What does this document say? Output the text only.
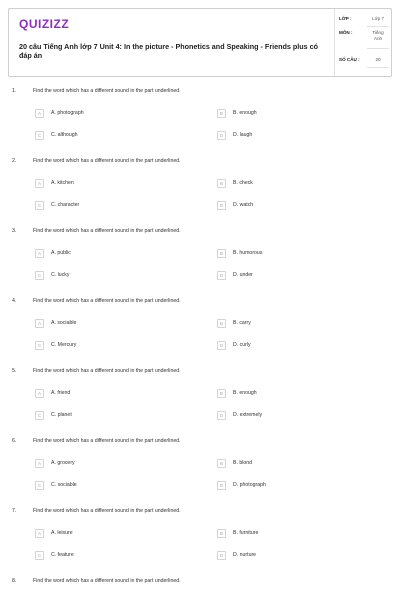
QUIZIZZ
20 câu Tiếng Anh lớp 7 Unit 4: In the picture - Phonetics and Speaking - Friends plus có đáp án
LỚP :	Lớp 7
MÔN :	Tiếng Anh
SỐ CÂU :	20
1.	Find the word which has a different sound in the part underlined.
A	A. photograph	B	B. enough
C	C. although	D	D. laugh
2.	Find the word which has a different sound in the part underlined.
A	A. kitchen	B	B. check
C	C. character	D	D. watch
3.	Find the word which has a different sound in the part underlined.
A	A. public	B	B. humorous
C	C. lucky	D	D. under
4.	Find the word which has a different sound in the part underlined.
A	A. sociable	B	B. carry
C	C. Mercury	D	D. curly
5.	Find the word which has a different sound in the part underlined.
A	A. friend	B	B. enough
C	C. planet	D	D. extremely
6.	Find the word which has a different sound in the part underlined.
A	A. grocery	B	B. blond
C	C. sociable	D	D. photograph
7.	Find the word which has a different sound in the part underlined.
A	A. leisure	B	B. furniture
C	C. feature	D	D. nurture
8.	Find the word which has a different sound in the part underlined.
